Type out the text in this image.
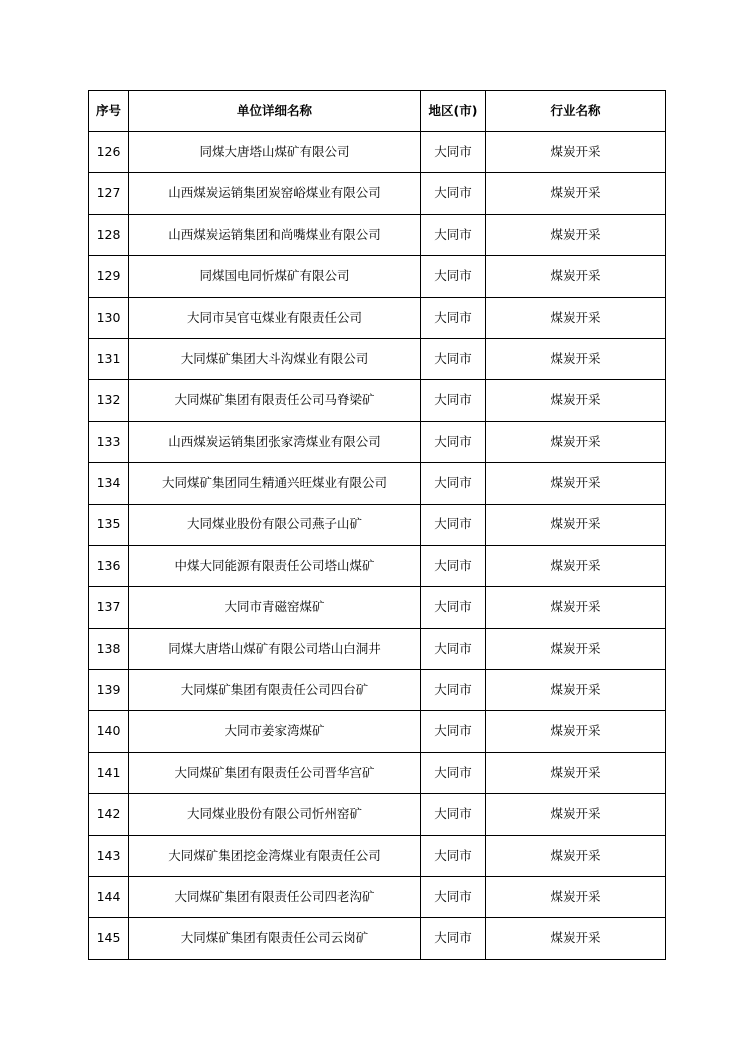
序号	单位详细名称	地区(市)	行业名称
126	同煤大唐塔山煤矿有限公司	大同市	煤炭开采
127	山西煤炭运销集团炭窑峪煤业有限公司	大同市	煤炭开采
128	山西煤炭运销集团和尚嘴煤业有限公司	大同市	煤炭开采
129	同煤国电同忻煤矿有限公司	大同市	煤炭开采
130	大同市吴官屯煤业有限责任公司	大同市	煤炭开采
131	大同煤矿集团大斗沟煤业有限公司	大同市	煤炭开采
132	大同煤矿集团有限责任公司马脊梁矿	大同市	煤炭开采
133	山西煤炭运销集团张家湾煤业有限公司	大同市	煤炭开采
134	大同煤矿集团同生精通兴旺煤业有限公司	大同市	煤炭开采
135	大同煤业股份有限公司燕子山矿	大同市	煤炭开采
136	中煤大同能源有限责任公司塔山煤矿	大同市	煤炭开采
137	大同市青磁窑煤矿	大同市	煤炭开采
138	同煤大唐塔山煤矿有限公司塔山白洞井	大同市	煤炭开采
139	大同煤矿集团有限责任公司四台矿	大同市	煤炭开采
140	大同市姜家湾煤矿	大同市	煤炭开采
141	大同煤矿集团有限责任公司晋华宫矿	大同市	煤炭开采
142	大同煤业股份有限公司忻州窑矿	大同市	煤炭开采
143	大同煤矿集团挖金湾煤业有限责任公司	大同市	煤炭开采
144	大同煤矿集团有限责任公司四老沟矿	大同市	煤炭开采
145	大同煤矿集团有限责任公司云岗矿	大同市	煤炭开采
